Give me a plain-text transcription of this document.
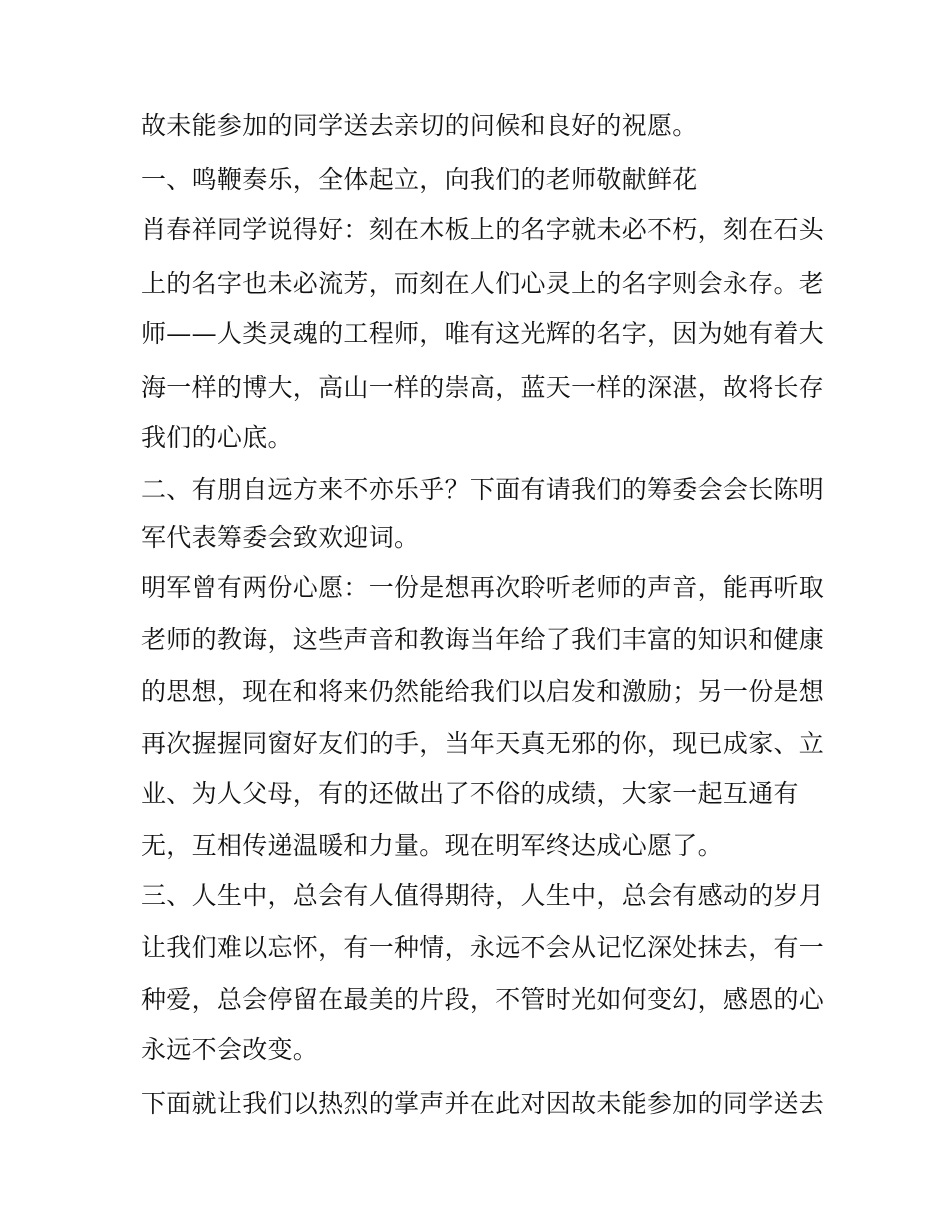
故未能参加的同学送去亲切的问候和良好的祝愿。
一、鸣鞭奏乐，全体起立，向我们的老师敬献鲜花
肖春祥同学说得好：刻在木板上的名字就未必不朽，刻在石头
上的名字也未必流芳，而刻在人们心灵上的名字则会永存。老
师——人类灵魂的工程师，唯有这光辉的名字，因为她有着大
海一样的博大，高山一样的崇高，蓝天一样的深湛，故将长存
我们的心底。
二、有朋自远方来不亦乐乎？下面有请我们的筹委会会长陈明
军代表筹委会致欢迎词。
明军曾有两份心愿：一份是想再次聆听老师的声音，能再听取
老师的教诲，这些声音和教诲当年给了我们丰富的知识和健康
的思想，现在和将来仍然能给我们以启发和激励；另一份是想
再次握握同窗好友们的手，当年天真无邪的你，现已成家、立
业、为人父母，有的还做出了不俗的成绩，大家一起互通有
无，互相传递温暖和力量。现在明军终达成心愿了。
三、人生中，总会有人值得期待，人生中，总会有感动的岁月
让我们难以忘怀，有一种情，永远不会从记忆深处抹去，有一
种爱，总会停留在最美的片段，不管时光如何变幻，感恩的心
永远不会改变。
下面就让我们以热烈的掌声并在此对因故未能参加的同学送去
